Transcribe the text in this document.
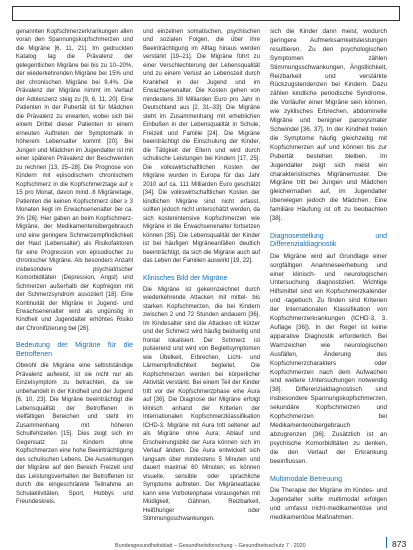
genannten Kopfschmerzerkrankungen allen voran den Spannungskopfschmerzen und die Migräne [6, 11, 21]. Im gedruckten Katalog lag die Prävalenz der gelegentlichen Migräne bei bis zu 10–20%, der wiederkehrenden Migräne bei 15% und der chronischen Migräne bei 9,4%. Die Prävalenz der Migräne nimmt im Verlauf der Adoleszenz steig zu [9, 6, 11, 20]. Eine Patienten in der Pubertät ist für Mädchen die Prävalenz zu erwarten, wobei sich bei einem Drittel dieser Patienten in einem erneuten Auftreten der Symptomatik in höherem Lebensalter kommt [20]. Bei Jungen und Mädchen im Jugendalter ist mit einer späteren Prävalenz der Beschwerden zu rechnen [13, 25–28]. Die Prognose von Kindern mit episodischem chronischem Kopfschmerz in die Kopfschmerztage auf ≥ 15 pro Monat, davon mind. 8 Migränetage, Patienten die keinen Kopfschmerz über ≥ 3 Monaten liegt im Erwachsenenalter bei ca. 3% [26]. Hier gaben an beim Kopfschmerz-Migräne, der Medikamentenübergebrauch und eine geringere Schmerzempfindlichkeit der Haut (Lebensalter) als Risikofaktoren für eine Progression von episodischer zu chronischer Migräne. Als besonders Anzahl insbesondere psychiatrischer Komorbiditäten (Depression, Angst) und Schmerzen außerhalb der Kopfregion mit der Schmerzsyndrom assoziiert [18]. Eine Kontinuität der Migräne in Jugend- und Erwachsenenalter wird als ungünstig in Kindheit und Jugendalter erhöhtes Risiko der Chronifizierung bei [26].

Bedeutung der Migräne für die Betroffenen

Obwohl die Migräne eine selbstständige Prävalenz aufweist, ist sie nicht nur als Einzelsymptom zu betrachten, da sie unbehandelt in der Kindheit und der Jugend [6, 10, 23]. Die Migräne beeinträchtigt die Lebensqualität der Betroffenen in vielfältigen Bereichen und steht im Zusammenhang mit höheren Schulfehlzeiten [15]. Dies zeigt sich im Gegensatz zu Kindern ohne Kopfschmerzen eine hohe Beeinträchtigung des schulischen Lebens. Die Auswirkungen der Migräne auf den Bereich Freizeit und das Leistungsverhalten der Betroffenen ist durch die eingeschränkte Teilnahme an Schulaktivitäten, Sport, Hobbys und Freundeskreis.

und einzelnen somatischen, psychischen und sozialen Folgen, die über ihre Beeinträchtigung im Alltag hinaus werden verstärkt [19–21]. Die Migräne führt zu einer Verschlechterung der Lebensqualität und zu einem Verlust an Lebenszeit durch Krankheit in der Jugend und im Erwachsenenalter. Die Kosten gehen von mindestens 30 Milliarden Euro pro Jahr in Deutschland aus [2, 31–33]. Die Migräne steht im Zusammenhang mit erheblichen Einbußen in der Lebensqualität in Schule, Freizeit und Familie [24]. Die Migräne beeinträchtigt die Einschulung der Kinder, die Tätigkeit der Eltern und wird durch schulische Leistungen bei Kindern [17, 25]. Die volkswirtschaftlichen Kosten der Migräne wurden in Europa für das Jahr 2010 auf ca. 111 Milliarden Euro geschätzt [34]. Die volkswirtschaftlichen Kosten der kindlichen Migräne sind nicht erfasst, sollten jedoch nicht unterschätzt werden, da sich kostenintensive Kopfschmerzen wie Migräne in die Erwachsenenalter fortsetzen können [35]. Die Lebensqualität der Kinder ist bei häufigen Migräneanfällen deutlich beeinträchtigt, da sich die Migräne auch auf das Leben der Familien auswirkt [19, 22].

Klinisches Bild der Migräne

Die Migräne ist gekennzeichnet durch wiederkehrende Attacken mit mittel- bis starken Kopfschmerzen, die bei Kindern zwischen 2 und 72 Stunden andauern [36]. Im Kindesalter sind die Attacken oft kürzer und der Schmerz wird häufig beidseitig und frontal lokalisiert. Der Schmerz ist pulsierend und wird von Begleitsymptomen wie Übelkeit, Erbrechen, Licht- und Lärmempfindlichkeit begleitet. Die Kopfschmerzen werden bei körperlicher Aktivität verstärkt. Bei einem Teil der Kinder tritt vor der Kopfschmerzphase eine Aura auf [36]. Die Diagnose der Migräne erfolgt klinisch anhand der Kriterien der Internationalen Kopfschmerzklassifikation ICHD-3. Migräne mit Aura tritt seltener auf als Migräne ohne Aura; Ablauf und Erscheinungsbild der Aura können sich im Verlauf ändern. Die Aura entwickelt sich langsam über mindestens 5 Minuten und dauert maximal 60 Minuten; es können visuelle, sensible oder sprachliche Symptome auftreten. Der Migräneattacke kann eine Vorbotenphase vorausgehen mit Müdigkeit, Gähnen, Reizbarkeit, Heißhunger oder Stimmungsschwankungen.

sich die Kinder dann meist, wodurch geringere Aufmerksamkeitsleistungen resultieren. Zu den psychologischen Symptomen zählen Stimmungsschwankungen, Ängstlichkeit, Reizbarkeit und verstärkte Rückzugstendenzen bei Kindern. Dazu zählen kindliche periodische Syndrome, die Vorläufer einer Migräne sein können, wie zyklisches Erbrechen, abdominelle Migräne und benigner paroxysmaler Schwindel [36, 37]. In der Kindheit treten die Symptome häufig gleichzeitig mit Kopfschmerzen auf und können bis zur Pubertät bestehen bleiben. Im Jugendalter zeigt sich meist ein charakteristisches Migränemuster. Die Migräne tritt bei Jungen und Mädchen gleichermaßen auf, im Jugendalter überwiegen jedoch die Mädchen. Eine familiäre Häufung ist oft zu beobachten [38].

Diagnosestellung und Differenzialdiagnostik

Die Migräne wird auf Grundlage einer sorgfältigen Anamneseerhebung und einer klinisch- und neurologischen Untersuchung diagnostiziert. Wichtige Hilfsmittel sind ein Kopfschmerzkalender und -tagebuch. Zu finden sind Kriterien der Internationalen Klassifikation von Kopfschmerzerkrankungen (ICHD-3, 3. Auflage [36]). In der Regel ist keine apparative Diagnostik erforderlich. Bei Warnzeichen wie neurologischen Ausfällen, Änderung des Kopfschmerzcharakters oder Kopfschmerzen nach dem Aufwachen sind weitere Untersuchungen notwendig [38]. Differenzialdiagnostisch sind insbesondere Spannungskopfschmerzen, sekundäre Kopfschmerzen und Kopfschmerzen bei Medikamentenübergebrauch abzugrenzen [36]. Zusätzlich ist an psychische Komorbiditäten zu denken, die den Verlauf der Erkrankung beeinflussen.

Multimodale Betreuung

Die Therapie der Migräne im Kindes- und Jugendalter sollte multimodal erfolgen und umfasst nicht-medikamentöse und medikamentöse Maßnahmen.

Bundesgesundheitsblatt – Gesundheitsforschung – Gesundheitsschutz 7 · 2020	873
